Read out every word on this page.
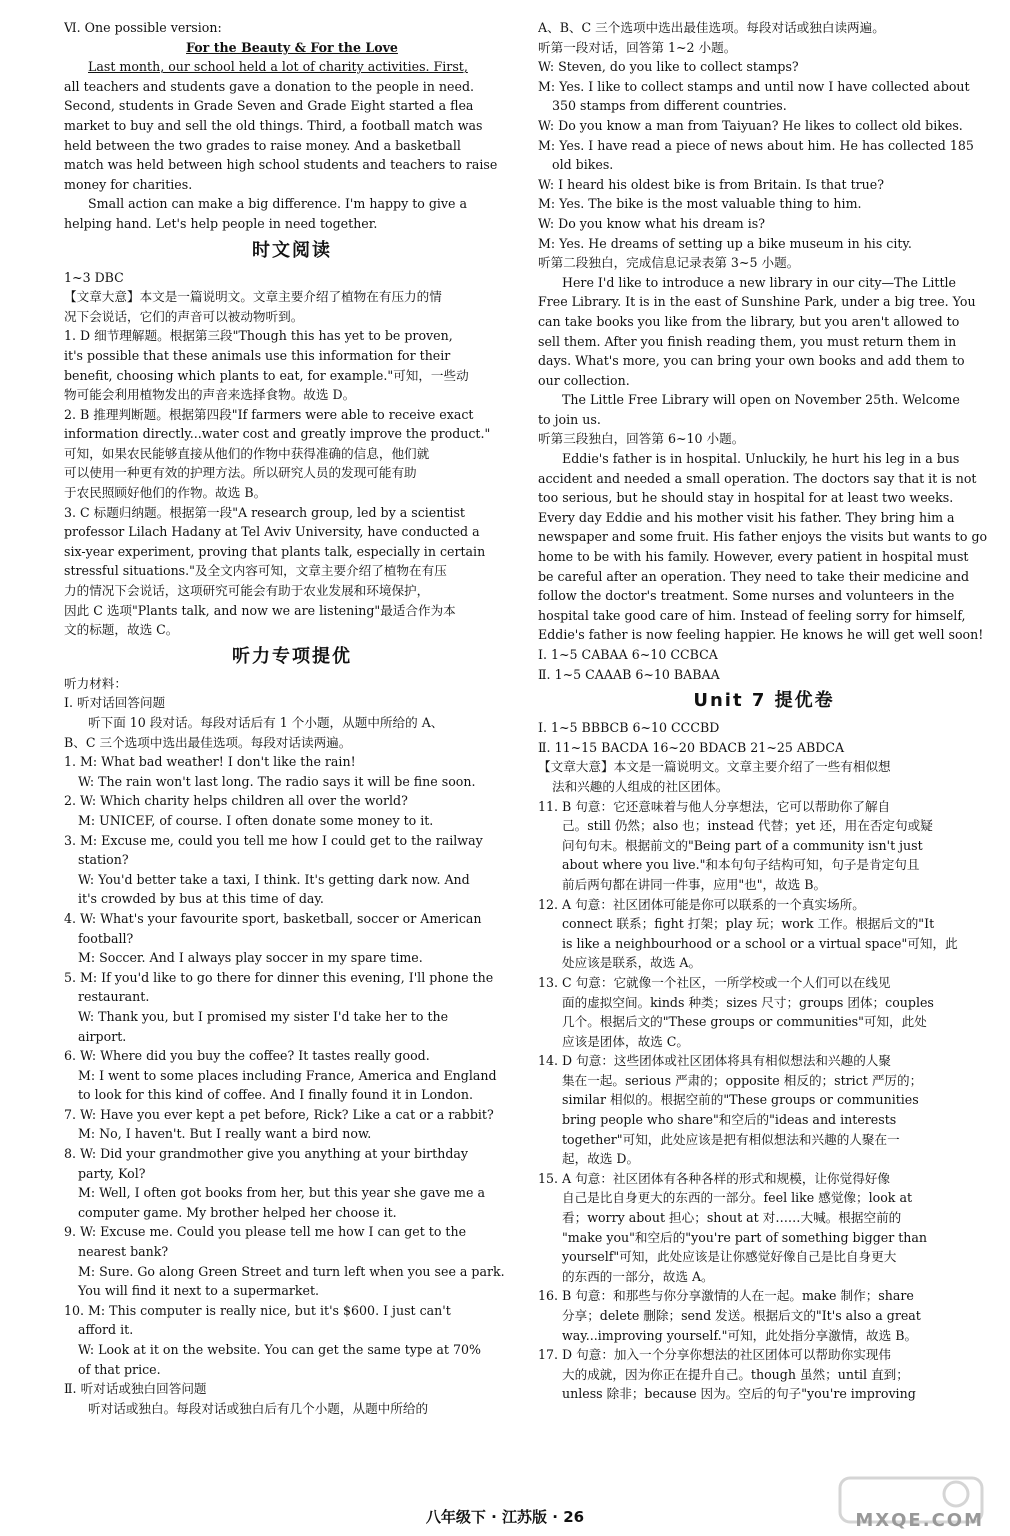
Ⅵ. One possible version:
For the Beauty & For the Love
Last month, our school held a lot of charity activities. First,
all teachers and students gave a donation to the people in need.
Second, students in Grade Seven and Grade Eight started a flea
market to buy and sell the old things. Third, a football match was
held between the two grades to raise money. And a basketball
match was held between high school students and teachers to raise
money for charities.
Small action can make a big difference. I'm happy to give a
helping hand. Let's help people in need together.
时文阅读
1~3 DBC
【文章大意】本文是一篇说明文。文章主要介绍了植物在有压力的情
况下会说话，它们的声音可以被动物听到。
1. D 细节理解题。根据第三段"Though this has yet to be proven,
it's possible that these animals use this information for their
benefit, choosing which plants to eat, for example."可知，一些动
物可能会利用植物发出的声音来选择食物。故选 D。
2. B 推理判断题。根据第四段"If farmers were able to receive exact
information directly...water cost and greatly improve the product."
可知，如果农民能够直接从他们的作物中获得准确的信息，他们就
可以使用一种更有效的护理方法。所以研究人员的发现可能有助
于农民照顾好他们的作物。故选 B。
3. C 标题归纳题。根据第一段"A research group, led by a scientist
professor Lilach Hadany at Tel Aviv University, have conducted a
six-year experiment, proving that plants talk, especially in certain
stressful situations."及全文内容可知，文章主要介绍了植物在有压
力的情况下会说话，这项研究可能会有助于农业发展和环境保护，
因此 C 选项"Plants talk, and now we are listening"最适合作为本
文的标题，故选 C。
听力专项提优
听力材料：
Ⅰ. 听对话回答问题
听下面 10 段对话。每段对话后有 1 个小题，从题中所给的 A、
B、C 三个选项中选出最佳选项。每段对话读两遍。
1. M: What bad weather! I don't like the rain!
W: The rain won't last long. The radio says it will be fine soon.
2. W: Which charity helps children all over the world?
M: UNICEF, of course. I often donate some money to it.
3. M: Excuse me, could you tell me how I could get to the railway
station?
W: You'd better take a taxi, I think. It's getting dark now. And
it's crowded by bus at this time of day.
4. W: What's your favourite sport, basketball, soccer or American
football?
M: Soccer. And I always play soccer in my spare time.
5. M: If you'd like to go there for dinner this evening, I'll phone the
restaurant.
W: Thank you, but I promised my sister I'd take her to the
airport.
6. W: Where did you buy the coffee? It tastes really good.
M: I went to some places including France, America and England
to look for this kind of coffee. And I finally found it in London.
7. W: Have you ever kept a pet before, Rick? Like a cat or a rabbit?
M: No, I haven't. But I really want a bird now.
8. W: Did your grandmother give you anything at your birthday
party, Kol?
M: Well, I often got books from her, but this year she gave me a
computer game. My brother helped her choose it.
9. W: Excuse me. Could you please tell me how I can get to the
nearest bank?
M: Sure. Go along Green Street and turn left when you see a park.
You will find it next to a supermarket.
10. M: This computer is really nice, but it's $600. I just can't
afford it.
W: Look at it on the website. You can get the same type at 70%
of that price.
Ⅱ. 听对话或独白回答问题
听对话或独白。每段对话或独白后有几个小题，从题中所给的
A、B、C 三个选项中选出最佳选项。每段对话或独白读两遍。
听第一段对话，回答第 1~2 小题。
W: Steven, do you like to collect stamps?
M: Yes. I like to collect stamps and until now I have collected about
350 stamps from different countries.
W: Do you know a man from Taiyuan? He likes to collect old bikes.
M: Yes. I have read a piece of news about him. He has collected 185
old bikes.
W: I heard his oldest bike is from Britain. Is that true?
M: Yes. The bike is the most valuable thing to him.
W: Do you know what his dream is?
M: Yes. He dreams of setting up a bike museum in his city.
听第二段独白，完成信息记录表第 3~5 小题。
Here I'd like to introduce a new library in our city—The Little
Free Library. It is in the east of Sunshine Park, under a big tree. You
can take books you like from the library, but you aren't allowed to
sell them. After you finish reading them, you must return them in
days. What's more, you can bring your own books and add them to
our collection.
The Little Free Library will open on November 25th. Welcome
to join us.
听第三段独白，回答第 6~10 小题。
Eddie's father is in hospital. Unluckily, he hurt his leg in a bus
accident and needed a small operation. The doctors say that it is not
too serious, but he should stay in hospital for at least two weeks.
Every day Eddie and his mother visit his father. They bring him a
newspaper and some fruit. His father enjoys the visits but wants to go
home to be with his family. However, every patient in hospital must
be careful after an operation. They need to take their medicine and
follow the doctor's treatment. Some nurses and volunteers in the
hospital take good care of him. Instead of feeling sorry for himself,
Eddie's father is now feeling happier. He knows he will get well soon!
Ⅰ. 1~5 CABAA 6~10 CCBCA
Ⅱ. 1~5 CAAAB 6~10 BABAA
Unit 7 提优卷
Ⅰ. 1~5 BBBCB 6~10 CCCBD
Ⅱ. 11~15 BACDA 16~20 BDACB 21~25 ABDCA
【文章大意】本文是一篇说明文。文章主要介绍了一些有相似想
法和兴趣的人组成的社区团体。
11. B 句意：它还意味着与他人分享想法，它可以帮助你了解自
己。still 仍然；also 也；instead 代替；yet 还，用在否定句或疑
问句句末。根据前文的"Being part of a community isn't just
about where you live."和本句句子结构可知，句子是肯定句且
前后两句都在讲同一件事，应用"也"，故选 B。
12. A 句意：社区团体可能是你可以联系的一个真实场所。
connect 联系；fight 打架；play 玩；work 工作。根据后文的"It
is like a neighbourhood or a school or a virtual space"可知，此
处应该是联系，故选 A。
13. C 句意：它就像一个社区，一所学校或一个人们可以在线见
面的虚拟空间。kinds 种类；sizes 尺寸；groups 团体；couples
几个。根据后文的"These groups or communities"可知，此处
应该是团体，故选 C。
14. D 句意：这些团体或社区团体将具有相似想法和兴趣的人聚
集在一起。serious 严肃的；opposite 相反的；strict 严厉的；
similar 相似的。根据空前的"These groups or communities
bring people who share"和空后的"ideas and interests
together"可知，此处应该是把有相似想法和兴趣的人聚在一
起，故选 D。
15. A 句意：社区团体有各种各样的形式和规模，让你觉得好像
自己是比自身更大的东西的一部分。feel like 感觉像；look at
看；worry about 担心；shout at 对……大喊。根据空前的
"make you"和空后的"you're part of something bigger than
yourself"可知，此处应该是让你感觉好像自己是比自身更大
的东西的一部分，故选 A。
16. B 句意：和那些与你分享激情的人在一起。make 制作；share
分享；delete 删除；send 发送。根据后文的"It's also a great
way...improving yourself."可知，此处指分享激情，故选 B。
17. D 句意：加入一个分享你想法的社区团体可以帮助你实现伟
大的成就，因为你正在提升自己。though 虽然；until 直到；
unless 除非；because 因为。空后的句子"you're improving
八年级下 · 江苏版 · 26	MXQE.COM
